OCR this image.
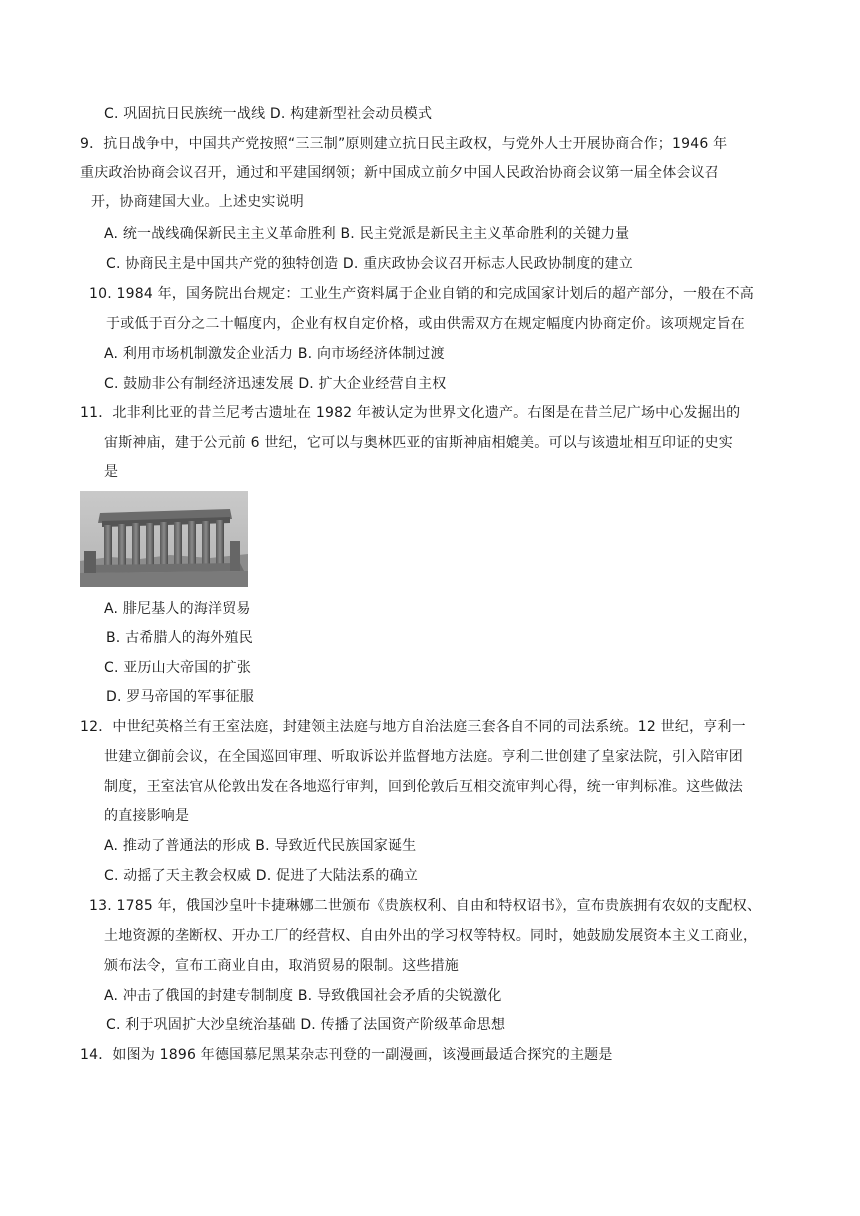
C. 巩固抗日民族统一战线 D. 构建新型社会动员模式
9．抗日战争中，中国共产党按照“三三制”原则建立抗日民主政权，与党外人士开展协商合作；1946 年
重庆政治协商会议召开，通过和平建国纲领；新中国成立前夕中国人民政治协商会议第一届全体会议召
开，协商建国大业。上述史实说明
A. 统一战线确保新民主主义革命胜利 B. 民主党派是新民主主义革命胜利的关键力量
C. 协商民主是中国共产党的独特创造 D. 重庆政协会议召开标志人民政协制度的建立
10. 1984 年，国务院出台规定：工业生产资料属于企业自销的和完成国家计划后的超产部分，一般在不高
于或低于百分之二十幅度内，企业有权自定价格，或由供需双方在规定幅度内协商定价。该项规定旨在
A. 利用市场机制激发企业活力 B. 向市场经济体制过渡
C. 鼓励非公有制经济迅速发展 D. 扩大企业经营自主权
11．北非利比亚的昔兰尼考古遗址在 1982 年被认定为世界文化遗产。右图是在昔兰尼广场中心发掘出的
宙斯神庙，建于公元前 6 世纪，它可以与奥林匹亚的宙斯神庙相媲美。可以与该遗址相互印证的史实
是
A. 腓尼基人的海洋贸易
B. 古希腊人的海外殖民
C. 亚历山大帝国的扩张
D. 罗马帝国的军事征服
12．中世纪英格兰有王室法庭，封建领主法庭与地方自治法庭三套各自不同的司法系统。12 世纪，亨利一
世建立御前会议，在全国巡回审理、听取诉讼并监督地方法庭。亨利二世创建了皇家法院，引入陪审团
制度，王室法官从伦敦出发在各地巡行审判，回到伦敦后互相交流审判心得，统一审判标准。这些做法
的直接影响是
A. 推动了普通法的形成 B. 导致近代民族国家诞生
C. 动摇了天主教会权威 D. 促进了大陆法系的确立
13. 1785 年，俄国沙皇叶卡捷琳娜二世颁布《贵族权利、自由和特权诏书》，宣布贵族拥有农奴的支配权、
土地资源的垄断权、开办工厂的经营权、自由外出的学习权等特权。同时，她鼓励发展资本主义工商业，
颁布法令，宣布工商业自由，取消贸易的限制。这些措施
A. 冲击了俄国的封建专制制度 B. 导致俄国社会矛盾的尖锐激化
C. 利于巩固扩大沙皇统治基础 D. 传播了法国资产阶级革命思想
14．如图为 1896 年德国慕尼黑某杂志刊登的一副漫画，该漫画最适合探究的主题是
